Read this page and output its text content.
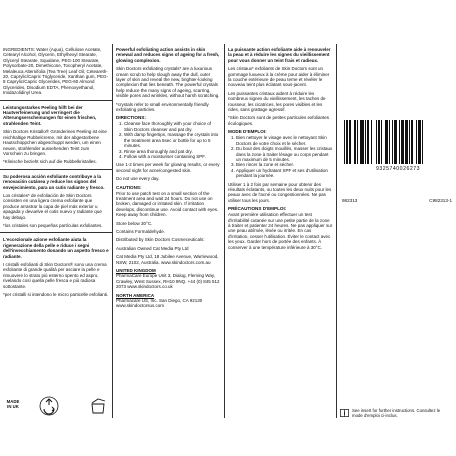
INGREDIENTS: Water (Aqua), Cellulose Acetate, Cetearyl Alcohol, Glycerin, Ethylhexyl Stearate, Glyceryl Stearate, Squalane, PEG-100 Stearate, Polysorbate-20, Dimethicone, Tocopheryl Acetate, Melaleuca Alternifolia (Tea Tree) Leaf Oil, Ceteareth-20, Caprylic/Capric Triglyceride, Xanthan gum, PEG-8 Caprylic/Capric Glycerides, PEG-60 Almond Glycerides, Disodium EDTA, Phenoxyethanol, Imidazolidinyl Urea.

Leistungsstarkes Peeling hilft bei der Hautverfeinerung und verringert die Alterungserscheinungen für einen frischen, strahlenden Teint.

Skin Doctors Kristallo® Gründerines Peeling ist eine reichhaltige Rubbelcreme, mit der abgestorbene Hautschüppchen abgeschuppt werden, um einen neuen, strahlender aussehenden Teint zum Vorschein zu bringen.

*Klinische bezieht sich auf die Rubbelkristalles.

Su poderosa acción exfoliante contribuye a la renovación cutánea y reduce los signos del envejecimiento, para un cutis radiante y fresco.

Los cristales* de exfoliación de Skin Doctors consisten en una ligera crema exfoliante que produce arrastrar la capa de piel más exterior u apagada y devuelve el cutis nuevo y radiante que hay debajo.

*los cristales son pequeñas partículas exfoliantes.

L'eccezionale azione esfoliante aiuta la rigenerazione della pelle e riduce i segni dell'invecchiamento donando un aspetto fresco e radiante.

I cristalli esfolianti di Skin Doctors® sono una crema esfoliante di grande qualità per asciare la pelle e rimuovere lo strato più esterno spento ed aspro, rivelando così quella pelle fresca e più radiosa sottostante.

*per cristalli si intendono le micro particelle esfolianti.

MADE IN UK

Powerful exfoliating action assists in skin renewal and reduces signs of ageing for a fresh, glowing complexion.

Skin Doctors exfoliating crystals* are a luxurious cream scrub to help slough away the dull, outer layer of skin and reveal the new, brighter-looking complexion that lies beneath. The powerful crystals help reduce the many signs of ageing, scarring, visible pores and wrinkles, without harsh scratching.

*crystals refer to small environmentally friendly exfoliating particles.

DIRECTIONS:
1. Cleanse face thoroughly with your choice of Skin Doctors cleanser and pat dry.
2. With damp fingertips, massage the crystals into the treatment area 5sec or bottle for up to 5 minutes.
3. Rinse area thoroughly and pat dry.
4. Follow with a moisturiser containing SPF.

Use 1-2 times per week for glowing results, or every second night for acne/congested skin.

Do not use every day.

CAUTIONS:

Prior to use patch test on a small section of the treatment area and wait 24 hours. Do not use on broken, damaged or irritated skin. If irritation develops, discontinue use. Avoid contact with eyes. Keep away from children.

Store below 30°C.

Contains Formaldehyde.

Distributed by Skin Doctors Cosmeceuticals:

Australian Owned Cat Media Pty Ltd

Cat Media Pty Ltd, 18 Jubilee Avenue, Warriewood, NSW, 2102, Australia. www.skindoctors.com.au

UNITED KINGDOM

PharmaCare Europe Unit 3, Dialog, Fleming Way, Crawley, West Sussex, RH10 9NQ. +44 (0) 845 512 2073 www.skindoctors.co.uk

NORTH AMERICA

Pharmacare US, Inc. San Diego, CA 92130 www.skindoctorsus.com

La puissante action exfoliante aide à renouveler la peau et à réduire les signes du vieillissement pour vous donner un teint frais et radieux.

Les cristaux* exfoliants de Skin Doctors sont un gommage luxueux à la crème pour aider à éliminer la couche extérieure de peau terne et révéler le nouveau teint plus éclatant sous-jacent.

Les puissantes cristaux aident à réduire les nombreux signes du vieillissement, les taches de rousseur, les cicatrices, les pores visibles et les rides, sans grattage agressif.

*Skin Doctors sont de petites particules exfoliantes écologiques.

MODE D'EMPLOI:
1. Bien nettoyer le visage avec le nettoyant Skin Doctors de votre choix et le sécher.
2. Du bout des doigts mouillés, masser les cristaux dans la zone à traiter lésage ou corps pendant un maximum de 5 minutes.
3. Bien rincer la zone et sécher.
4. Appliquer un hydratant SPF et ses d'utilisation pendant la journée.

Utiliser 1 à 2 fois par semaine pour obtenir des résultats éclatants, ou toutes les deux nuits pour les peaux avec de l'acné ou congestionnées. Ne pas utiliser tous les jours.

PRÉCAUTIONS D'EMPLOI:

Avant première utilisation effectuer un test d'irritabilité cutanée sur une petite partie de la zone à traiter et patienter 24 heures. Ne pas appliquer sur une peau abîmée, lésée ou irritée. En cas d'irritation, cesser l'utilisation. Éviter le contact avec les yeux. Garder hors de portée des enfants. À conserver à une température inférieure à 30°C.

9325740026273
982313	C982313-1
i
See insert for further instructions. Consultez le mode d'emploi ci-inclus.
